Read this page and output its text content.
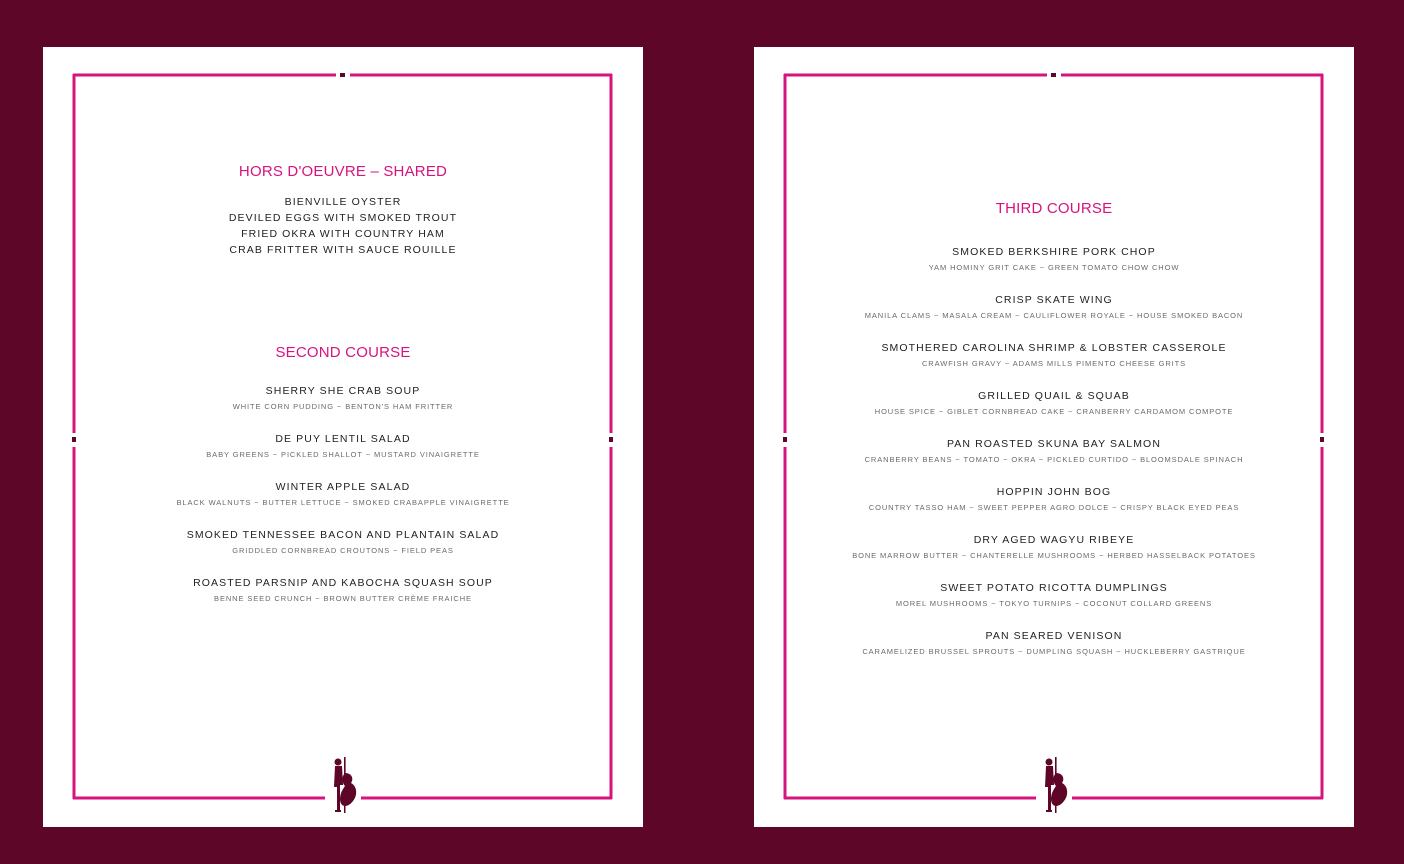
HORS D'OEUVRE – SHARED
BIENVILLE OYSTER
DEVILED EGGS WITH SMOKED TROUT
FRIED OKRA WITH COUNTRY HAM
CRAB FRITTER WITH SAUCE ROUILLE
SECOND COURSE
SHERRY SHE CRAB SOUP
WHITE CORN PUDDING ~ BENTON'S HAM FRITTER
DE PUY LENTIL SALAD
BABY GREENS ~ PICKLED SHALLOT ~ MUSTARD VINAIGRETTE
WINTER APPLE SALAD
BLACK WALNUTS ~ BUTTER LETTUCE ~ SMOKED CRABAPPLE VINAIGRETTE
SMOKED TENNESSEE BACON AND PLANTAIN SALAD
GRIDDLED CORNBREAD CROUTONS ~ FIELD PEAS
ROASTED PARSNIP AND KABOCHA SQUASH SOUP
BENNE SEED CRUNCH ~ BROWN BUTTER CRÈME FRAICHE
THIRD COURSE
SMOKED BERKSHIRE PORK CHOP
YAM HOMINY GRIT CAKE ~ GREEN TOMATO CHOW CHOW
CRISP SKATE WING
MANILA CLAMS ~ MASALA CREAM ~ CAULIFLOWER ROYALE ~ HOUSE SMOKED BACON
SMOTHERED CAROLINA SHRIMP & LOBSTER CASSEROLE
CRAWFISH GRAVY ~ ADAMS MILLS PIMENTO CHEESE GRITS
GRILLED QUAIL & SQUAB
HOUSE SPICE ~ GIBLET CORNBREAD CAKE ~ CRANBERRY CARDAMOM COMPOTE
PAN ROASTED SKUNA BAY SALMON
CRANBERRY BEANS ~ TOMATO ~ OKRA ~ PICKLED CURTIDO ~ BLOOMSDALE SPINACH
HOPPIN JOHN BOG
COUNTRY TASSO HAM ~ SWEET PEPPER AGRO DOLCE ~ CRISPY BLACK EYED PEAS
DRY AGED WAGYU RIBEYE
BONE MARROW BUTTER ~ CHANTERELLE MUSHROOMS ~ HERBED HASSELBACK POTATOES
SWEET POTATO RICOTTA DUMPLINGS
MOREL MUSHROOMS ~ TOKYO TURNIPS ~ COCONUT COLLARD GREENS
PAN SEARED VENISON
CARAMELIZED BRUSSEL SPROUTS ~ DUMPLING SQUASH ~ HUCKLEBERRY GASTRIQUE
